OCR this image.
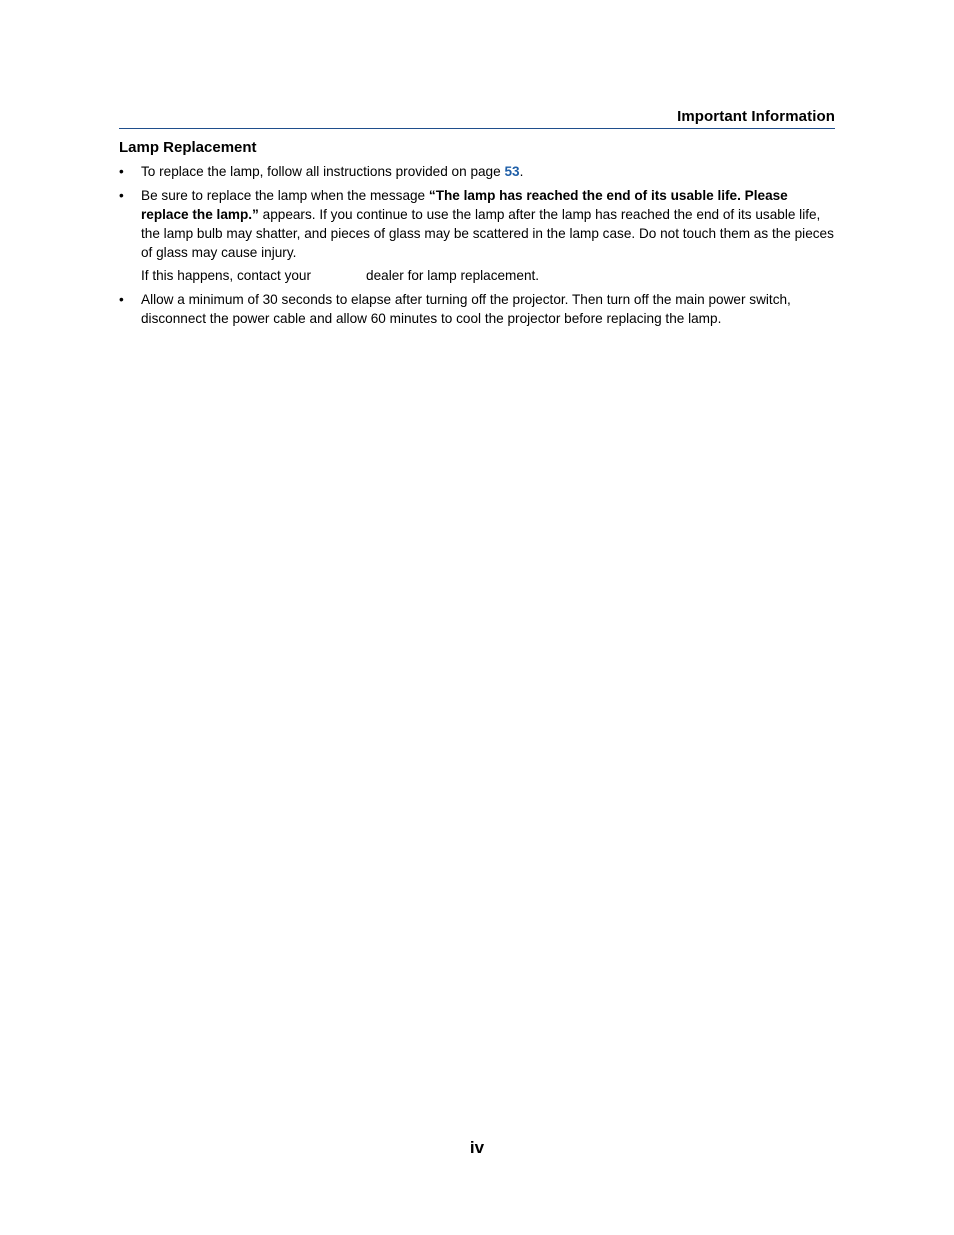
Important Information
Lamp Replacement
• To replace the lamp, follow all instructions provided on page 53.

• Be sure to replace the lamp when the message “The lamp has reached the end of its usable life. Please replace the lamp.” appears. If you continue to use the lamp after the lamp has reached the end of its usable life, the lamp bulb may shatter, and pieces of glass may be scattered in the lamp case. Do not touch them as the pieces of glass may cause injury.

If this happens, contact your	dealer for lamp replacement.

• Allow a minimum of 30 seconds to elapse after turning off the projector. Then turn off the main power switch, disconnect the power cable and allow 60 minutes to cool the projector before replacing the lamp.

iv
